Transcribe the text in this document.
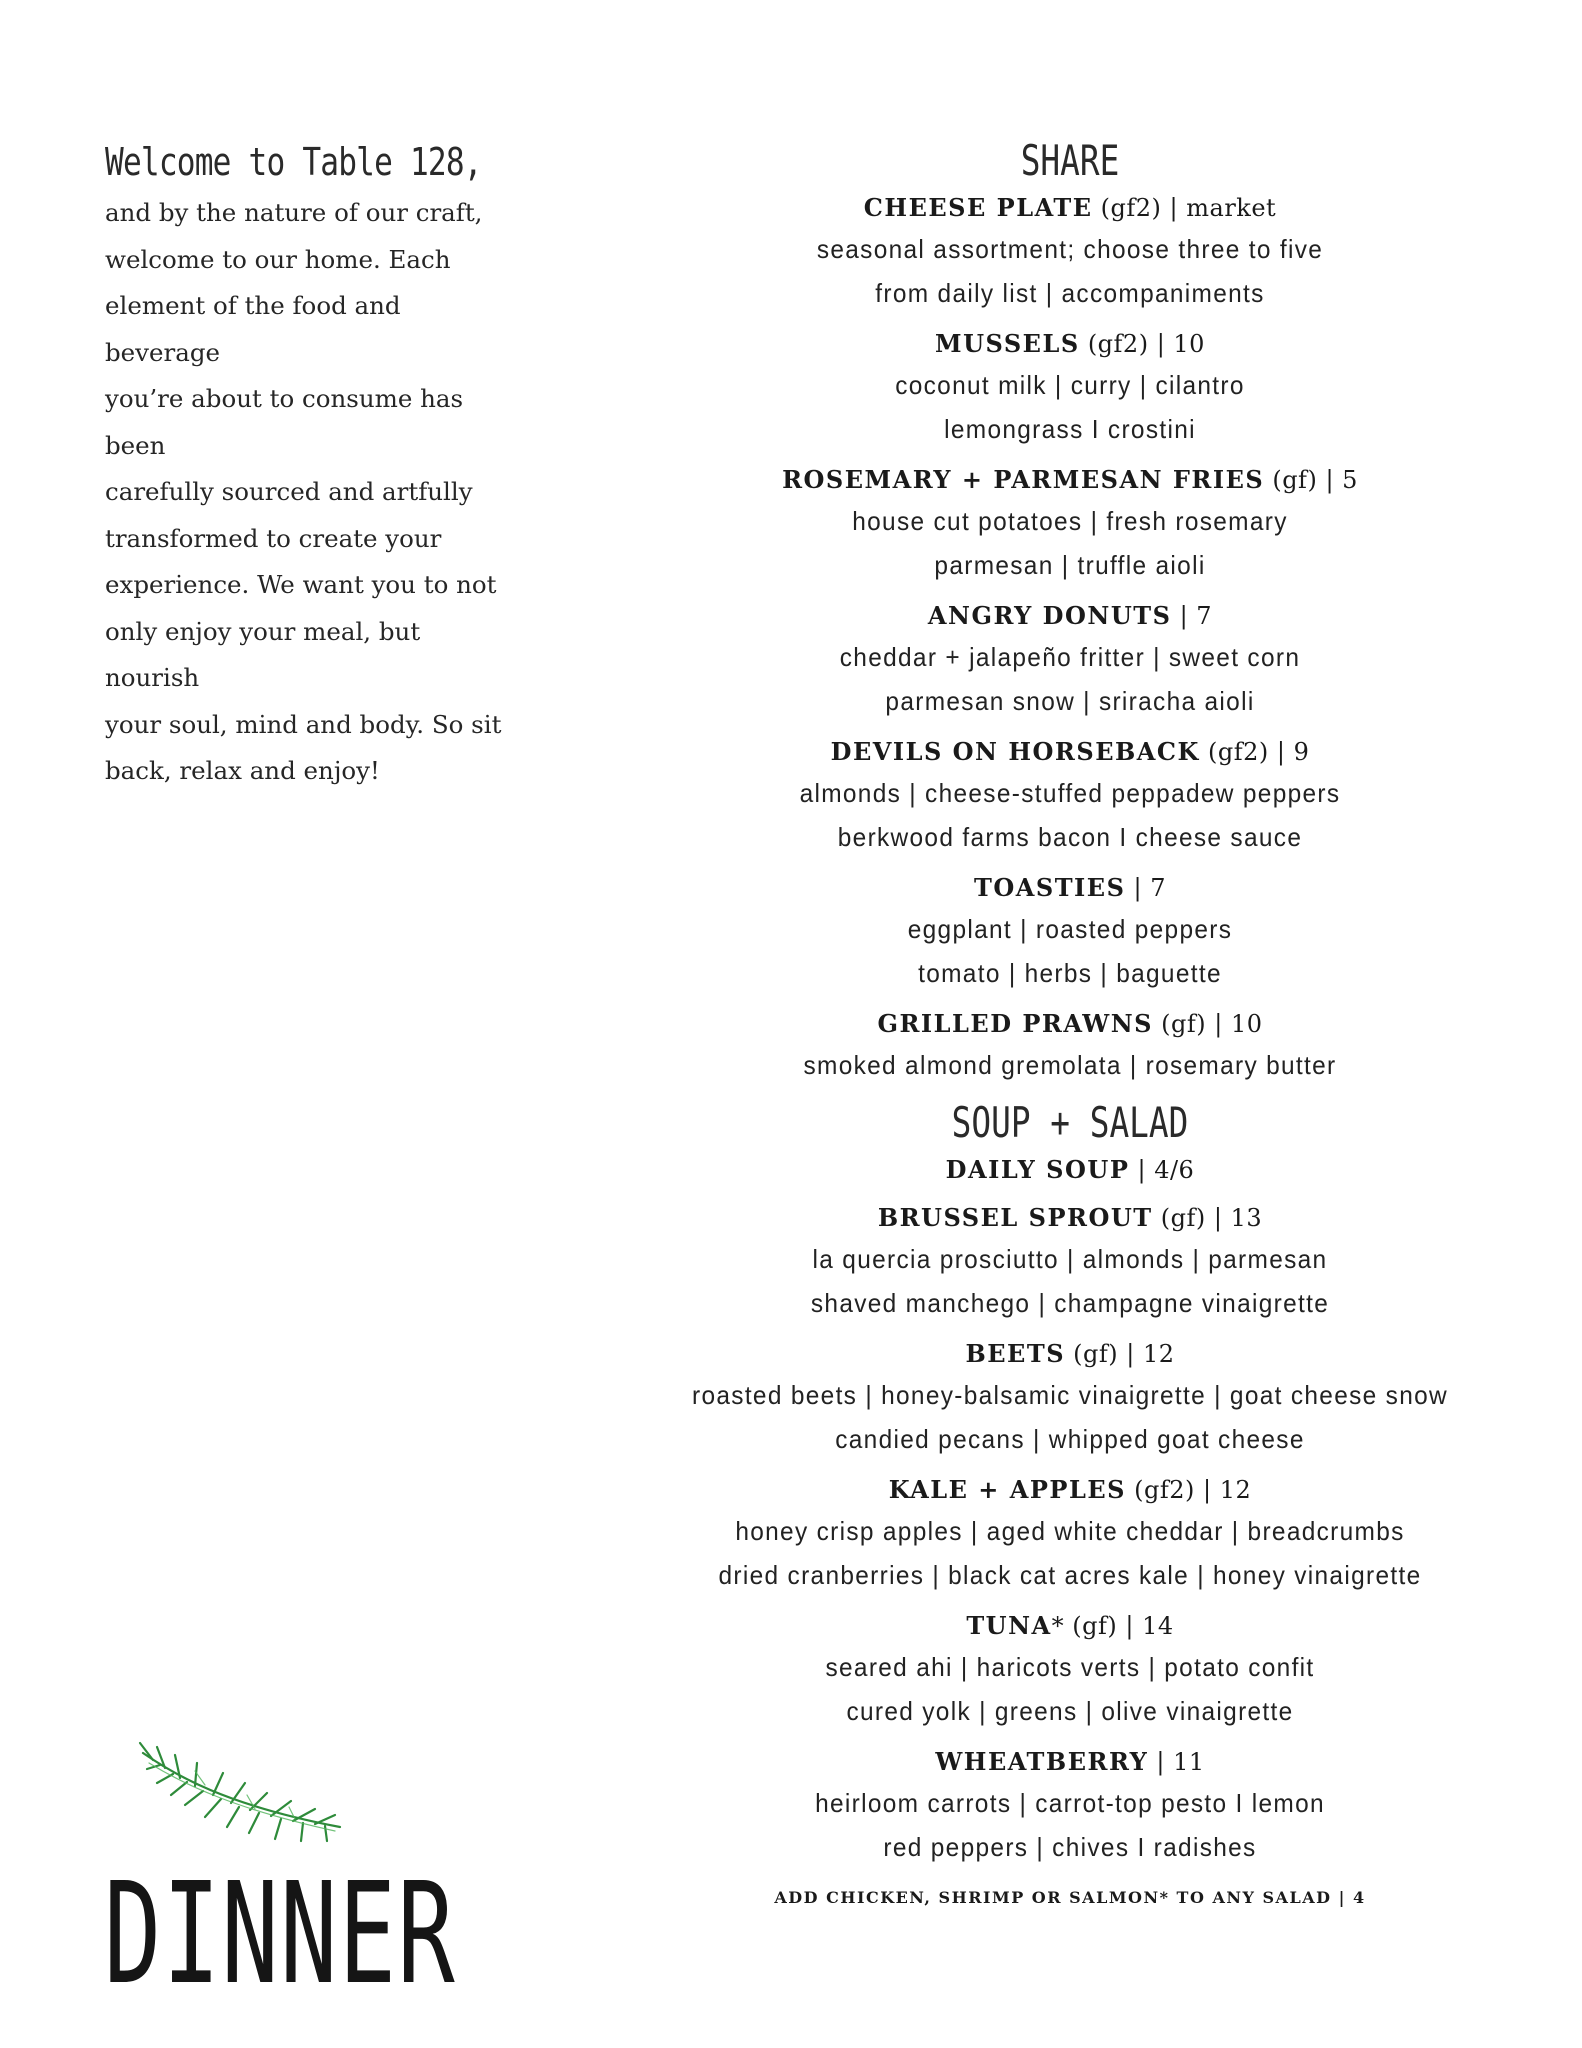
Welcome to Table 128,

and by the nature of our craft,
welcome to our home. Each
element of the food and beverage
you’re about to consume has been
carefully sourced and artfully
transformed to create your
experience. We want you to not
only enjoy your meal, but nourish
your soul, mind and body. So sit
back, relax and enjoy!

DINNER
SHARE
CHEESE PLATE (gf2) | market
seasonal assortment; choose three to five
from daily list | accompaniments
MUSSELS (gf2) | 10
coconut milk | curry | cilantro
lemongrass I crostini
ROSEMARY + PARMESAN FRIES (gf) | 5
house cut potatoes | fresh rosemary
parmesan | truffle aioli
ANGRY DONUTS | 7
cheddar + jalapeño fritter | sweet corn
parmesan snow | sriracha aioli
DEVILS ON HORSEBACK (gf2) | 9
almonds | cheese-stuffed peppadew peppers
berkwood farms bacon I cheese sauce
TOASTIES | 7
eggplant | roasted peppers
tomato | herbs | baguette
GRILLED PRAWNS (gf) | 10
smoked almond gremolata | rosemary butter
SOUP + SALAD
DAILY SOUP | 4/6
BRUSSEL SPROUT (gf) | 13
la quercia prosciutto | almonds | parmesan
shaved manchego | champagne vinaigrette
BEETS (gf) | 12
roasted beets | honey-balsamic vinaigrette | goat cheese snow
candied pecans | whipped goat cheese
KALE + APPLES (gf2) | 12
honey crisp apples | aged white cheddar | breadcrumbs
dried cranberries | black cat acres kale | honey vinaigrette
TUNA* (gf) | 14
seared ahi | haricots verts | potato confit
cured yolk | greens | olive vinaigrette
WHEATBERRY | 11
heirloom carrots | carrot-top pesto I lemon
red peppers | chives I radishes
ADD CHICKEN, SHRIMP OR SALMON* TO ANY SALAD | 4
